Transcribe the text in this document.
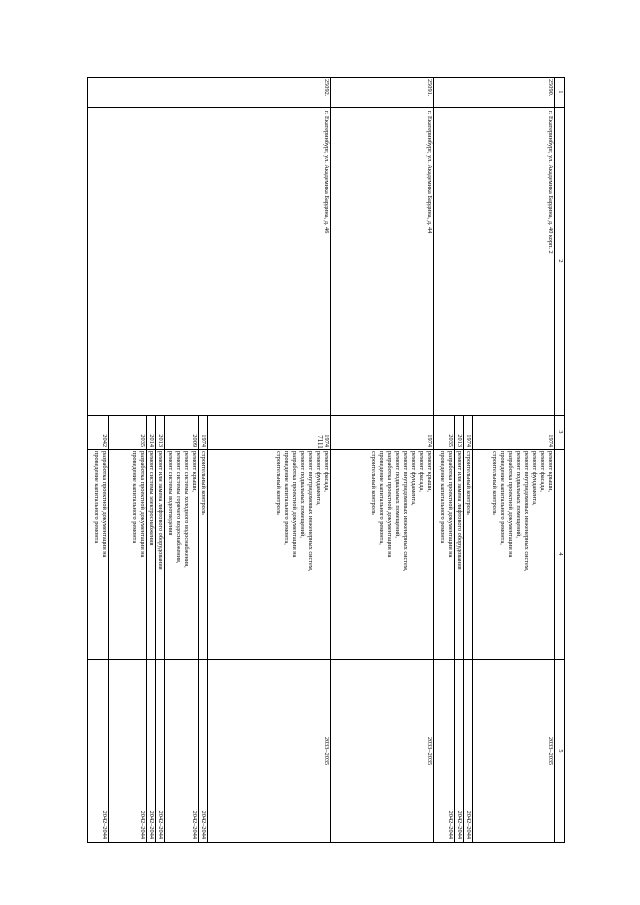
7111
1
2
3
4
5
25090.
г. Екатеринбург, ул. Академика Бардина, д. 40 корп. 2
1974
ремонт крыши,
ремонт фасада,
ремонт фундамента,
ремонт внутридомовых инженерных систем,
ремонт подвальных помещений,
разработка проектной документации на
проведение капитального ремонта,
строительный контроль
2033–2035
1974
строительный контроль
2042–2044
2013
ремонт или замена лифтового оборудования
2042–2044
2035
разработка проектной документации на
проведение капитального ремонта
2042–2044
25091.
г. Екатеринбург, ул. Академика Бардина, д. 44
1974
ремонт крыши,
ремонт фасада,
ремонт фундамента,
ремонт внутридомовых инженерных систем,
ремонт подвальных помещений,
разработка проектной документации на
проведение капитального ремонта,
строительный контроль
2033–2035
25092.
г. Екатеринбург, ул. Академика Бардина, д. 46
1974
ремонт фасада,
ремонт фундамента,
ремонт внутридомовых инженерных систем,
ремонт подвальных помещений,
разработка проектной документации на
проведение капитального ремонта,
строительный контроль
2033–2035
1974
строительный контроль
2042–2044
2009
ремонт крыши,
ремонт системы холодного водоснабжения,
ремонт системы горячего водоснабжения,
ремонт системы водоотведения
2042–2044
2013
ремонт или замена лифтового оборудования
2042–2044
2014
ремонт системы электроснабжения
2042–2044
2035
разработка проектной документации на
проведение капитального ремонта
2042–2044
2042
разработка проектной документации на
проведение капитального ремонта
2042–2044
